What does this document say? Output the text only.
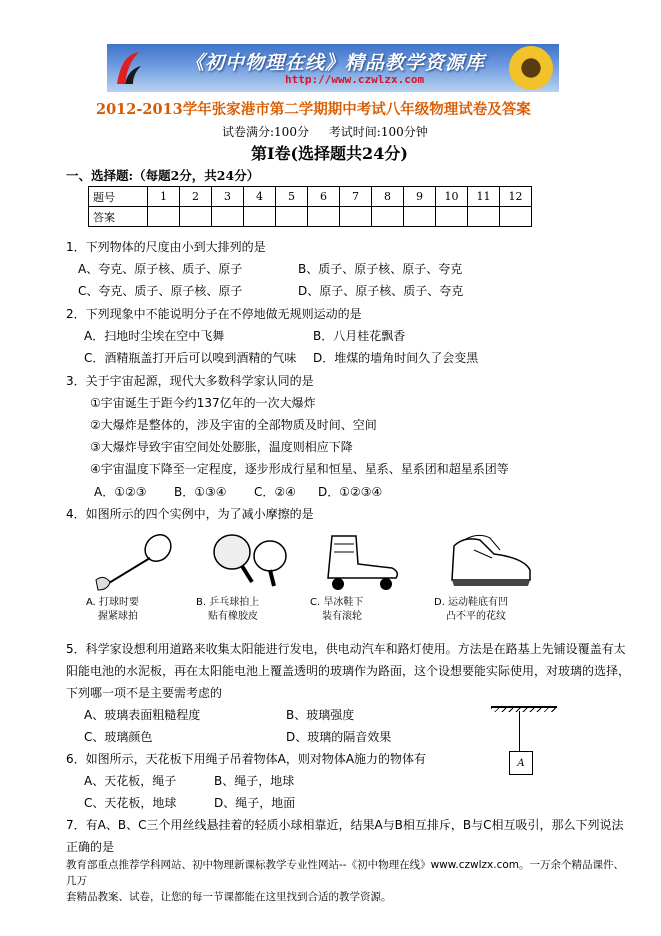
《初中物理在线》精品教学资源库
http://www.czwlzx.com
2012-2013学年张家港市第二学期期中考试八年级物理试卷及答案
试卷满分:100分 考试时间:100分钟
第Ⅰ卷(选择题共24分)
一、选择题:（每题2分，共24分）
题号	1	2	3	4	5	6	7	8	9	10	11	12
答案												
1．下列物体的尺度由小到大排列的是
A、夸克、原子核、质子、原子	B、质子、原子核、原子、夸克
C、夸克、质子、原子核、原子	D、原子、原子核、质子、夸克
2．下列现象中不能说明分子在不停地做无规则运动的是
A．扫地时尘埃在空中飞舞	B．八月桂花飘香
C．酒精瓶盖打开后可以嗅到酒精的气味 D．堆煤的墙角时间久了会变黑
3．关于宇宙起源，现代大多数科学家认同的是
①宇宙诞生于距今约137亿年的一次大爆炸
②大爆炸是整体的，涉及宇宙的全部物质及时间、空间
③大爆炸导致宇宙空间处处膨胀，温度则相应下降
④宇宙温度下降至一定程度，逐步形成行星和恒星、星系、星系团和超星系团等
A．①②③ B．①③④ C．②④ D．①②③④
4．如图所示的四个实例中，为了减小摩擦的是
A. 打球时要
握紧球拍
B. 乒乓球拍上
贴有橡胶皮
C. 旱冰鞋下
装有滚轮
D. 运动鞋底有凹
凸不平的花纹
5．科学家设想利用道路来收集太阳能进行发电，供电动汽车和路灯使用。方法是在路基上先铺设覆盖有太
阳能电池的水泥板，再在太阳能电池上覆盖透明的玻璃作为路面，这个设想要能实际使用，对玻璃的选择，
下列哪一项不是主要需考虑的
A、玻璃表面粗糙程度	B、玻璃强度
C、玻璃颜色	D、玻璃的隔音效果
A
6．如图所示，天花板下用绳子吊着物体A，则对物体A施力的物体有
A、天花板，绳子	B、绳子，地球
C、天花板，地球	D、绳子，地面
7．有A、B、C三个用丝线悬挂着的轻质小球相靠近，结果A与B相互排斥，B与C相互吸引，那么下列说法
正确的是
教育部重点推荐学科网站、初中物理新课标教学专业性网站--《初中物理在线》www.czwlzx.com。一万余个精品课件、几万
套精品教案、试卷，让您的每一节课都能在这里找到合适的教学资源。
